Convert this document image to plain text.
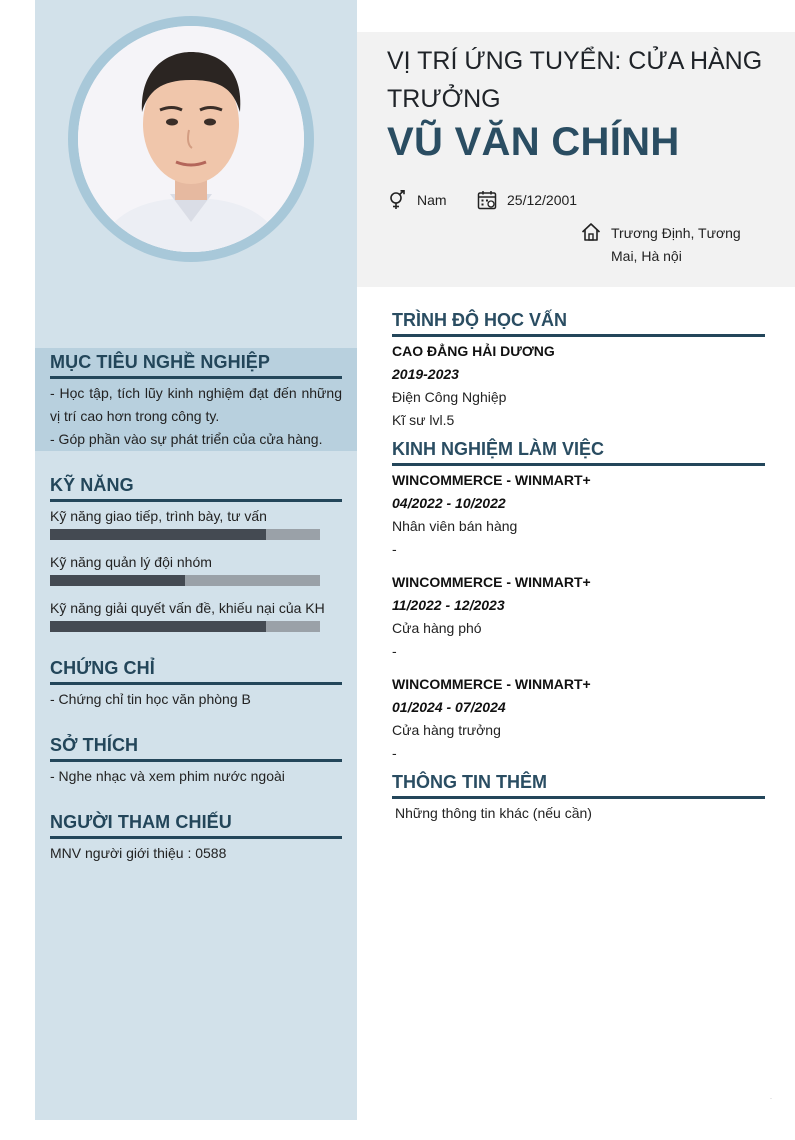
MỤC TIÊU NGHỀ NGHIỆP
- Học tập, tích lũy kinh nghiệm đạt đến những vị trí cao hơn trong công ty.
- Góp phần vào sự phát triển của cửa hàng.
KỸ NĂNG
Kỹ năng giao tiếp, trình bày, tư vấn
Kỹ năng quản lý đội nhóm
Kỹ năng giải quyết vấn đề, khiếu nại của KH
CHỨNG CHỈ
- Chứng chỉ tin học văn phòng B
SỞ THÍCH
- Nghe nhạc và xem phim nước ngoài
NGƯỜI THAM CHIẾU
MNV người giới thiệu : 0588
VỊ TRÍ ỨNG TUYỂN: CỬA HÀNG TRƯỞNG
VŨ VĂN CHÍNH
Nam	25/12/2001
Trương Định, Tương Mai, Hà nội
TRÌNH ĐỘ HỌC VẤN
CAO ĐẲNG HẢI DƯƠNG
2019-2023
Điện Công Nghiệp
Kĩ sư lvl.5
KINH NGHIỆM LÀM VIỆC
WINCOMMERCE - WINMART+
04/2022 - 10/2022
Nhân viên bán hàng
-
WINCOMMERCE - WINMART+
11/2022 - 12/2023
Cửa hàng phó
-
WINCOMMERCE - WINMART+
01/2024 - 07/2024
Cửa hàng trưởng
-
THÔNG TIN THÊM
Những thông tin khác (nếu cần)
·
